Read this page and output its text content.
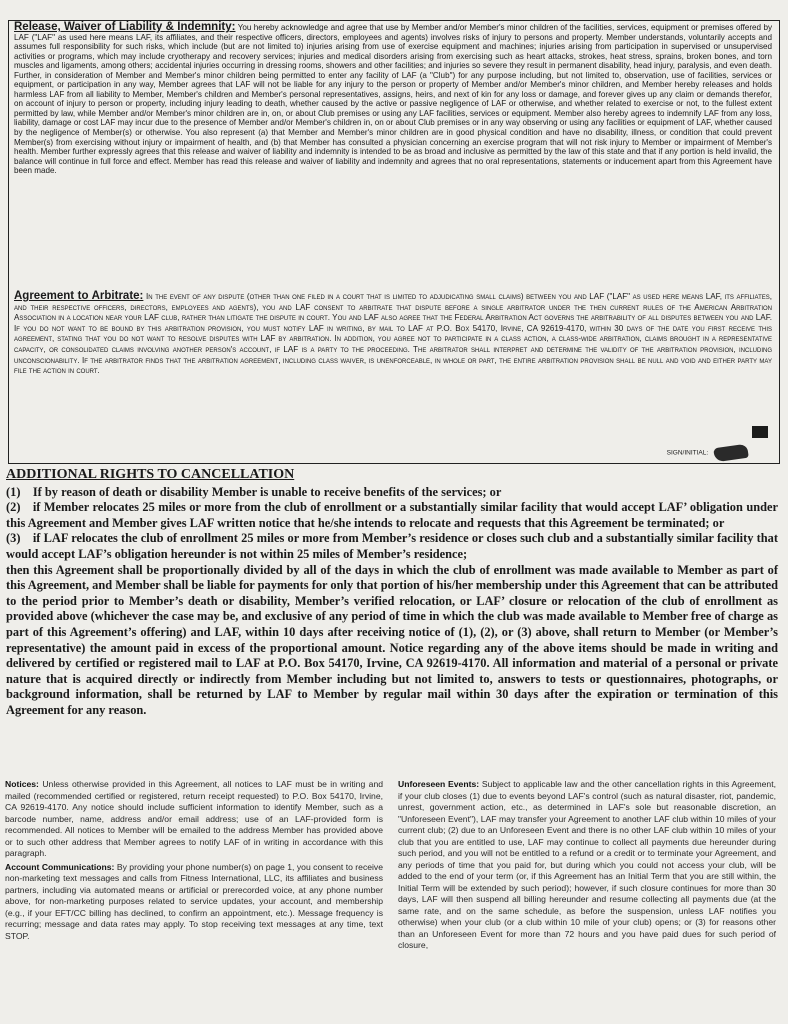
Release, Waiver of Liability & Indemnity: You hereby acknowledge and agree that use by Member and/or Member's minor children of the facilities, services, equipment or premises offered by LAF ("LAF" as used here means LAF, its affiliates, and their respective officers, directors, employees and agents) involves risks of injury to persons and property. Member understands, voluntarily accepts and assumes full responsibility for such risks, which include (but are not limited to) injuries arising from use of exercise equipment and machines; injuries arising from participation in supervised or unsupervised activities or programs, which may include cryotherapy and recovery services; injuries and medical disorders arising from exercising such as heart attacks, strokes, heat stress, sprains, broken bones, and torn muscles and ligaments, among others; accidental injuries occurring in dressing rooms, showers and other facilities; and injuries so severe they result in permanent disability, head injury, paralysis, and even death. Further, in consideration of Member and Member's minor children being permitted to enter any facility of LAF (a "Club") for any purpose including, but not limited to, observation, use of facilities, services or equipment, or participation in any way, Member agrees that LAF will not be liable for any injury to the person or property of Member and/or Member's minor children, and Member hereby releases and holds harmless LAF from all liability to Member, Member's children and Member's personal representatives, assigns, heirs, and next of kin for any loss or damage, and forever gives up any claim or demands therefor, on account of injury to person or property, including injury leading to death, whether caused by the active or passive negligence of LAF or otherwise, and whether related to exercise or not, to the fullest extent permitted by law, while Member and/or Member's minor children are in, on, or about Club premises or using any LAF facilities, services or equipment. Member also hereby agrees to indemnify LAF from any loss, liability, damage or cost LAF may incur due to the presence of Member and/or Member's children in, on or about Club premises or in any way observing or using any facilities or equipment of LAF, whether caused by the negligence of Member(s) or otherwise. You also represent (a) that Member and Member's minor children are in good physical condition and have no disability, illness, or condition that could prevent Member(s) from exercising without injury or impairment of health, and (b) that Member has consulted a physician concerning an exercise program that will not risk injury to Member or impairment of Member's health. Member further expressly agrees that this release and waiver of liability and indemnity is intended to be as broad and inclusive as permitted by the law of this state and that if any portion is held invalid, the balance will continue in full force and effect. Member has read this release and waiver of liability and indemnity and agrees that no oral representations, statements or inducement apart from this Agreement have been made.
Agreement to Arbitrate: In the event of any dispute (other than one filed in a court that is limited to adjudicating small claims) between you and LAF ("LAF" as used here means LAF, its affiliates, and their respective officers, directors, employees and agents), you and LAF consent to arbitrate that dispute before a single arbitrator under the then current rules of the American Arbitration Association in a location near your LAF club, rather than litigate the dispute in court. You and LAF also agree that the Federal Arbitration Act governs the arbitrability of all disputes between you and LAF. If you do not want to be bound by this arbitration provision, you must notify LAF in writing, by mail to LAF at P.O. Box 54170, Irvine, CA 92619-4170, within 30 days of the date you first receive this agreement, stating that you do not want to resolve disputes with LAF by arbitration. In addition, you agree not to participate in a class action, a class-wide arbitration, claims brought in a representative capacity, or consolidated claims involving another person's account, if LAF is a party to the proceeding. The arbitrator shall interpret and determine the validity of the arbitration provision, including unconscionability. If the arbitrator finds that the arbitration agreement, including class waiver, is unenforceable, in whole or part, the entire arbitration provision shall be null and void and either party may file the action in court.
SIGN/INITIAL:
ADDITIONAL RIGHTS TO CANCELLATION

(1) If by reason of death or disability Member is unable to receive benefits of the services; or

(2) if Member relocates 25 miles or more from the club of enrollment or a substantially similar facility that would accept LAF’ obligation under this Agreement and Member gives LAF written notice that he/she intends to relocate and requests that this Agreement be terminated; or

(3) if LAF relocates the club of enrollment 25 miles or more from Member’s residence or closes such club and a substantially similar facility that would accept LAF’s obligation hereunder is not within 25 miles of Member’s residence;

then this Agreement shall be proportionally divided by all of the days in which the club of enrollment was made available to Member as part of this Agreement, and Member shall be liable for payments for only that portion of his/her membership under this Agreement that can be attributed to the period prior to Member’s death or disability, Member’s verified relocation, or LAF’ closure or relocation of the club of enrollment as provided above (whichever the case may be, and exclusive of any period of time in which the club was made available to Member free of charge as part of this Agreement’s offering) and LAF, within 10 days after receiving notice of (1), (2), or (3) above, shall return to Member (or Member’s representative) the amount paid in excess of the proportional amount. Notice regarding any of the above items should be made in writing and delivered by certified or registered mail to LAF at P.O. Box 54170, Irvine, CA 92619-4170. All information and material of a personal or private nature that is acquired directly or indirectly from Member including but not limited to, answers to tests or questionnaires, photographs, or background information, shall be returned by LAF to Member by regular mail within 30 days after the expiration or termination of this Agreement for any reason.

Notices: Unless otherwise provided in this Agreement, all notices to LAF must be in writing and mailed (recommended certified or registered, return receipt requested) to P.O. Box 54170, Irvine, CA 92619-4170. Any notice should include sufficient information to identify Member, such as a barcode number, name, address and/or email address; use of an LAF-provided form is recommended. All notices to Member will be emailed to the address Member has provided above or to such other address that Member agrees to notify LAF of in writing in accordance with this paragraph.

Account Communications: By providing your phone number(s) on page 1, you consent to receive non-marketing text messages and calls from Fitness International, LLC, its affiliates and business partners, including via automated means or artificial or prerecorded voice, at any phone number above, for non-marketing purposes related to service updates, your account, and membership (e.g., if your EFT/CC billing has declined, to confirm an appointment, etc.). Message frequency is recurring; message and data rates may apply. To stop receiving text messages at any time, text STOP.

Unforeseen Events: Subject to applicable law and the other cancellation rights in this Agreement, if your club closes (1) due to events beyond LAF's control (such as natural disaster, riot, pandemic, unrest, government action, etc., as determined in LAF's sole but reasonable discretion, an "Unforeseen Event"), LAF may transfer your Agreement to another LAF club within 10 miles of your current club; (2) due to an Unforeseen Event and there is no other LAF club within 10 miles of your club that you are entitled to use, LAF may continue to collect all payments due hereunder during such period, and you will not be entitled to a refund or a credit or to terminate your Agreement, and any periods of time that you paid for, but during which you could not access your club, will be added to the end of your term (or, if this Agreement has an Initial Term that you are still within, the Initial Term will be extended by such period); however, if such closure continues for more than 30 days, LAF will then suspend all billing hereunder and resume collecting all payments due (at the same rate, and on the same schedule, as before the suspension, unless LAF notifies you otherwise) when your club (or a club within 10 mile of your club) opens; or (3) for reasons other than an Unforeseen Event for more than 72 hours and you have paid dues for such period of closure,
